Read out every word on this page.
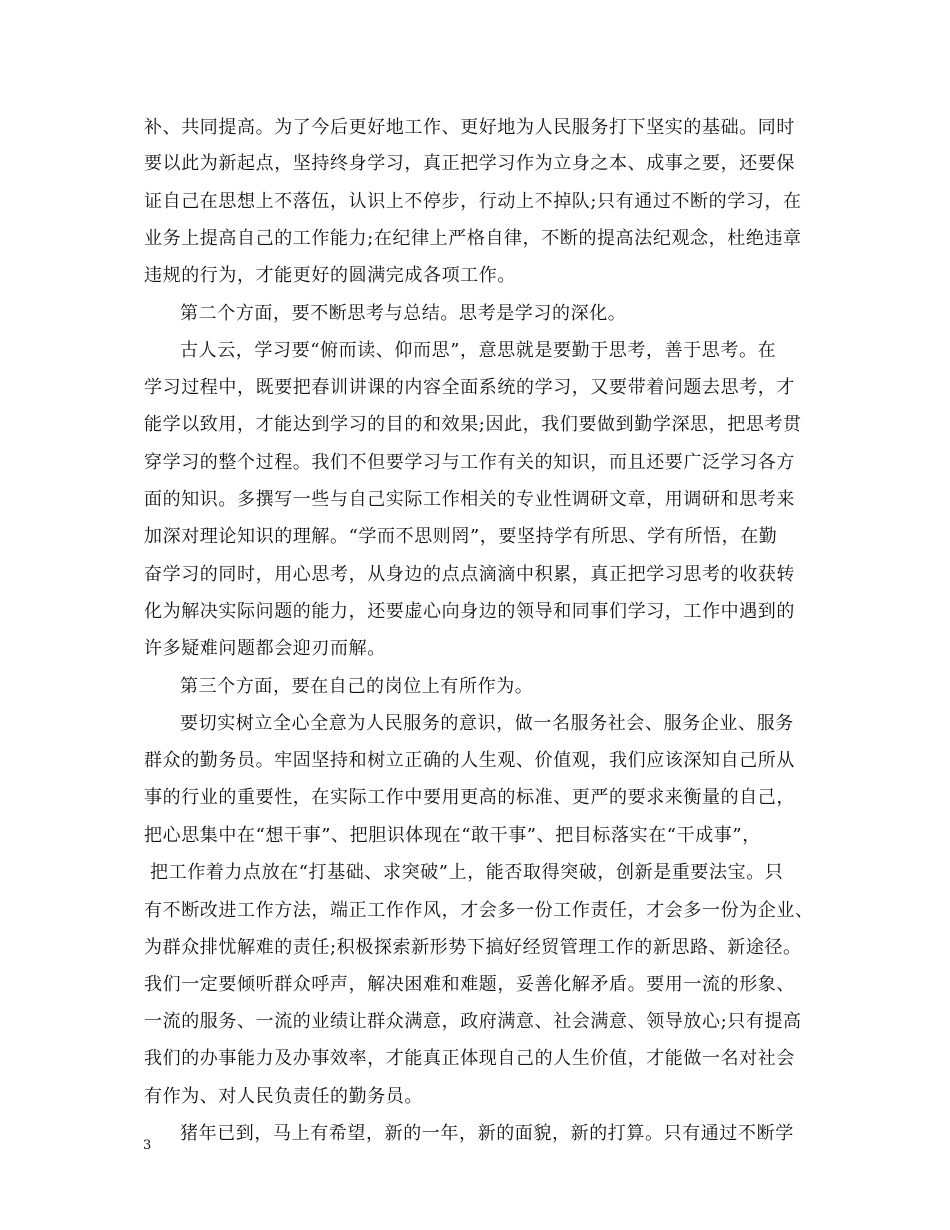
补、共同提高。为了今后更好地工作、更好地为人民服务打下坚实的基础。同时
要以此为新起点，坚持终身学习，真正把学习作为立身之本、成事之要，还要保
证自己在思想上不落伍，认识上不停步，行动上不掉队;只有通过不断的学习，在
业务上提高自己的工作能力;在纪律上严格自律，不断的提高法纪观念，杜绝违章
违规的行为，才能更好的圆满完成各项工作。
第二个方面，要不断思考与总结。思考是学习的深化。
古人云，学习要“俯而读、仰而思”，意思就是要勤于思考，善于思考。在
学习过程中，既要把春训讲课的内容全面系统的学习，又要带着问题去思考，才
能学以致用，才能达到学习的目的和效果;因此，我们要做到勤学深思，把思考贯
穿学习的整个过程。我们不但要学习与工作有关的知识，而且还要广泛学习各方
面的知识。多撰写一些与自己实际工作相关的专业性调研文章，用调研和思考来
加深对理论知识的理解。“学而不思则罔”，要坚持学有所思、学有所悟，在勤
奋学习的同时，用心思考，从身边的点点滴滴中积累，真正把学习思考的收获转
化为解决实际问题的能力，还要虚心向身边的领导和同事们学习，工作中遇到的
许多疑难问题都会迎刃而解。
第三个方面，要在自己的岗位上有所作为。
要切实树立全心全意为人民服务的意识，做一名服务社会、服务企业、服务
群众的勤务员。牢固坚持和树立正确的人生观、价值观，我们应该深知自己所从
事的行业的重要性，在实际工作中要用更高的标准、更严的要求来衡量的自己，
把心思集中在“想干事”、把胆识体现在“敢干事”、把目标落实在“干成事”，
把工作着力点放在“打基础、求突破”上，能否取得突破，创新是重要法宝。只
有不断改进工作方法，端正工作作风，才会多一份工作责任，才会多一份为企业、
为群众排忧解难的责任;积极探索新形势下搞好经贸管理工作的新思路、新途径。
我们一定要倾听群众呼声，解决困难和难题，妥善化解矛盾。要用一流的形象、
一流的服务、一流的业绩让群众满意，政府满意、社会满意、领导放心;只有提高
我们的办事能力及办事效率，才能真正体现自己的人生价值，才能做一名对社会
有作为、对人民负责任的勤务员。
猪年已到，马上有希望，新的一年，新的面貌，新的打算。只有通过不断学
3
